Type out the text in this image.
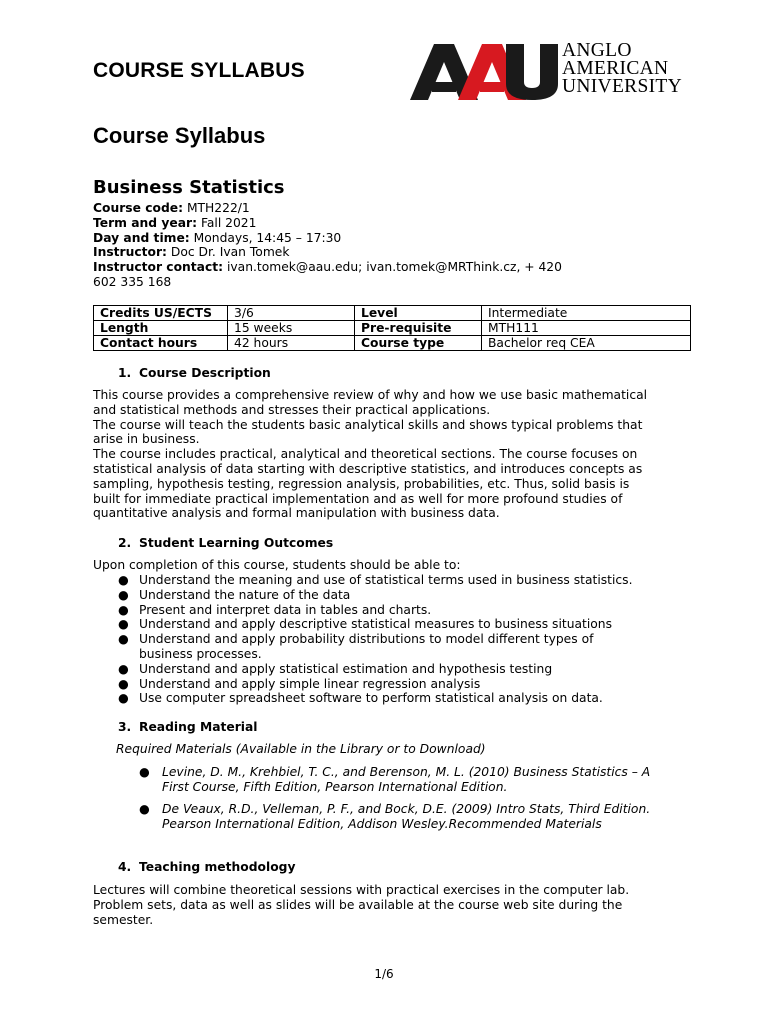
COURSE SYLLABUS
ANGLO
AMERICAN
UNIVERSITY
Course Syllabus
Business Statistics
Course code: MTH222/1
Term and year: Fall 2021
Day and time: Mondays, 14:45 – 17:30
Instructor: Doc Dr. Ivan Tomek
Instructor contact: ivan.tomek@aau.edu; ivan.tomek@MRThink.cz, + 420
602 335 168
Credits US/ECTS	3/6	Level	Intermediate
Length	15 weeks	Pre-requisite	MTH111
Contact hours	42 hours	Course type	Bachelor req CEA
1. Course Description
This course provides a comprehensive review of why and how we use basic mathematical
and statistical methods and stresses their practical applications.
The course will teach the students basic analytical skills and shows typical problems that
arise in business.
The course includes practical, analytical and theoretical sections. The course focuses on
statistical analysis of data starting with descriptive statistics, and introduces concepts as
sampling, hypothesis testing, regression analysis, probabilities, etc. Thus, solid basis is
built for immediate practical implementation and as well for more profound studies of
quantitative analysis and formal manipulation with business data.
2. Student Learning Outcomes
Upon completion of this course, students should be able to:
● Understand the meaning and use of statistical terms used in business statistics.
● Understand the nature of the data
● Present and interpret data in tables and charts.
● Understand and apply descriptive statistical measures to business situations
● Understand and apply probability distributions to model different types of business processes.
● Understand and apply statistical estimation and hypothesis testing
● Understand and apply simple linear regression analysis
● Use computer spreadsheet software to perform statistical analysis on data.
3. Reading Material
Required Materials (Available in the Library or to Download)
● Levine, D. M., Krehbiel, T. C., and Berenson, M. L. (2010) Business Statistics – A First Course, Fifth Edition, Pearson International Edition.
● De Veaux, R.D., Velleman, P. F., and Bock, D.E. (2009) Intro Stats, Third Edition. Pearson International Edition, Addison Wesley.Recommended Materials
4. Teaching methodology
Lectures will combine theoretical sessions with practical exercises in the computer lab.
Problem sets, data as well as slides will be available at the course web site during the
semester.
1/6
